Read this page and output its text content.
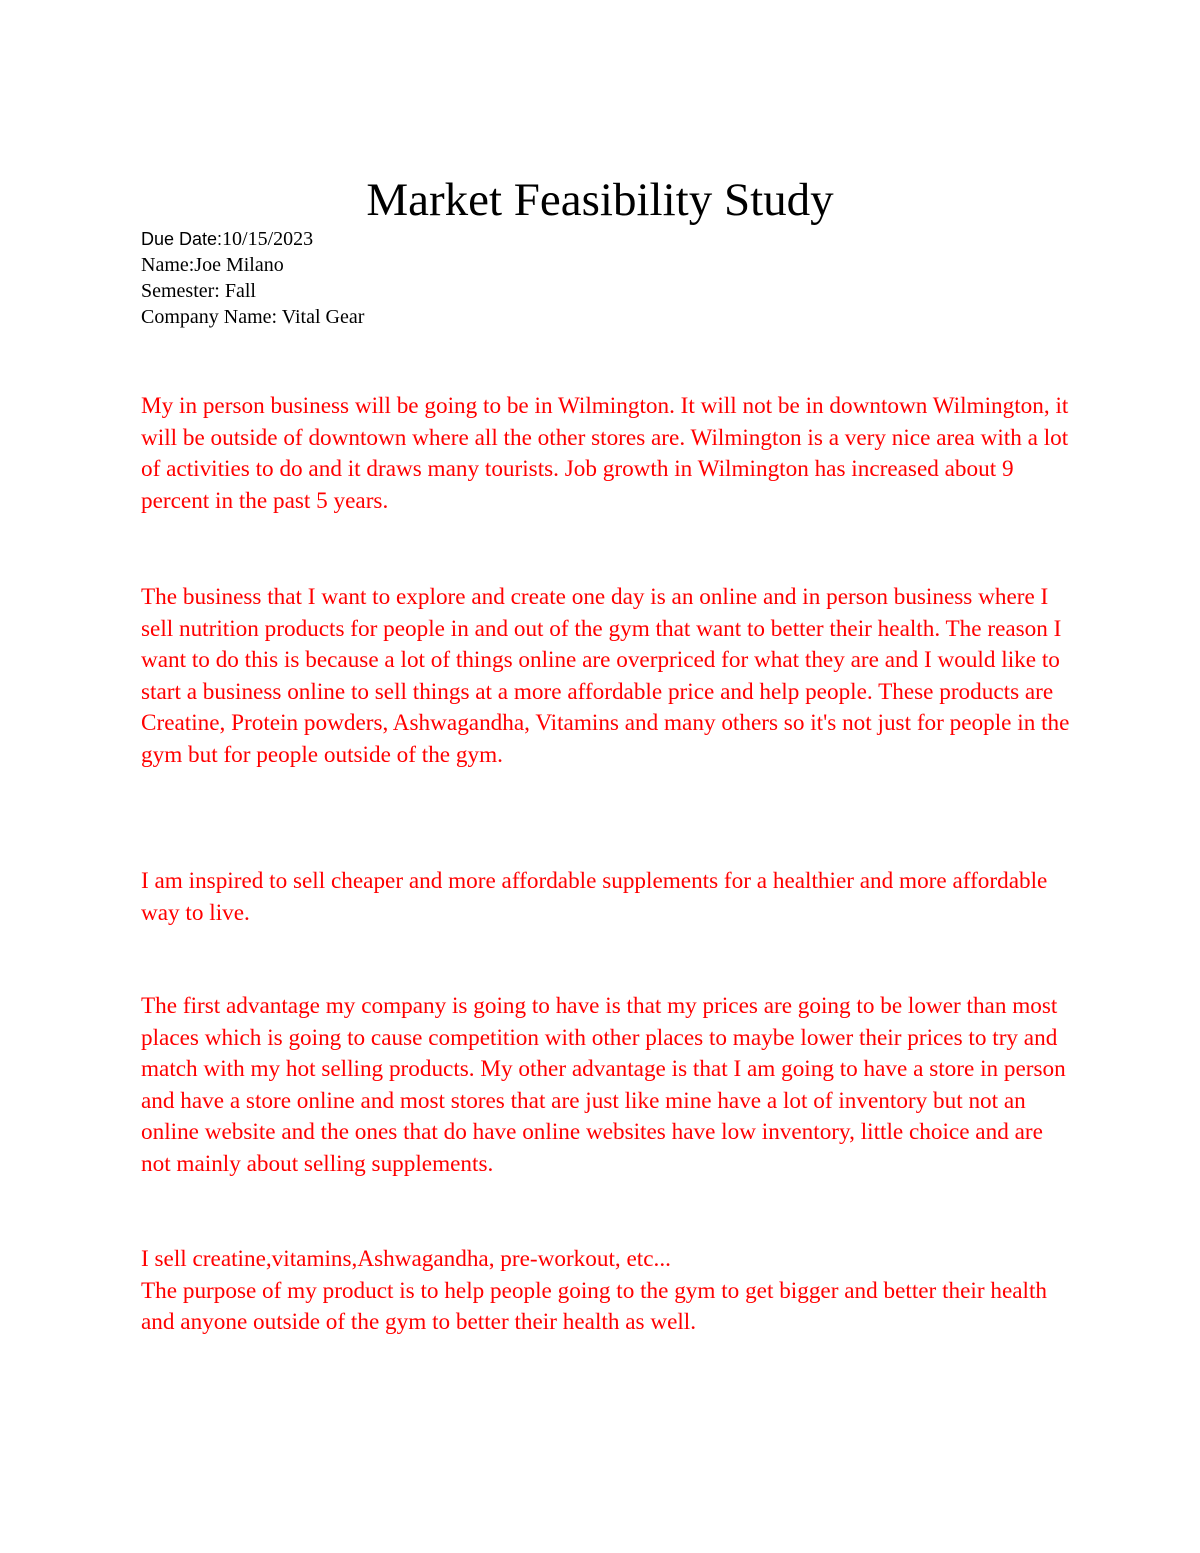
Market Feasibility Study
Due Date:10/15/2023
Name:Joe Milano
Semester: Fall
Company Name: Vital Gear

My in person business will be going to be in Wilmington. It will not be in downtown Wilmington, it will be outside of downtown where all the other stores are. Wilmington is a very nice area with a lot of activities to do and it draws many tourists. Job growth in Wilmington has increased about 9 percent in the past 5 years.

The business that I want to explore and create one day is an online and in person business where I sell nutrition products for people in and out of the gym that want to better their health. The reason I want to do this is because a lot of things online are overpriced for what they are and I would like to start a business online to sell things at a more affordable price and help people. These products are Creatine, Protein powders, Ashwagandha, Vitamins and many others so it's not just for people in the gym but for people outside of the gym.

I am inspired to sell cheaper and more affordable supplements for a healthier and more affordable way to live.

The first advantage my company is going to have is that my prices are going to be lower than most places which is going to cause competition with other places to maybe lower their prices to try and match with my hot selling products. My other advantage is that I am going to have a store in person and have a store online and most stores that are just like mine have a lot of inventory but not an online website and the ones that do have online websites have low inventory, little choice and are not mainly about selling supplements.

I sell creatine,vitamins,Ashwagandha, pre-workout, etc...
The purpose of my product is to help people going to the gym to get bigger and better their health and anyone outside of the gym to better their health as well.
